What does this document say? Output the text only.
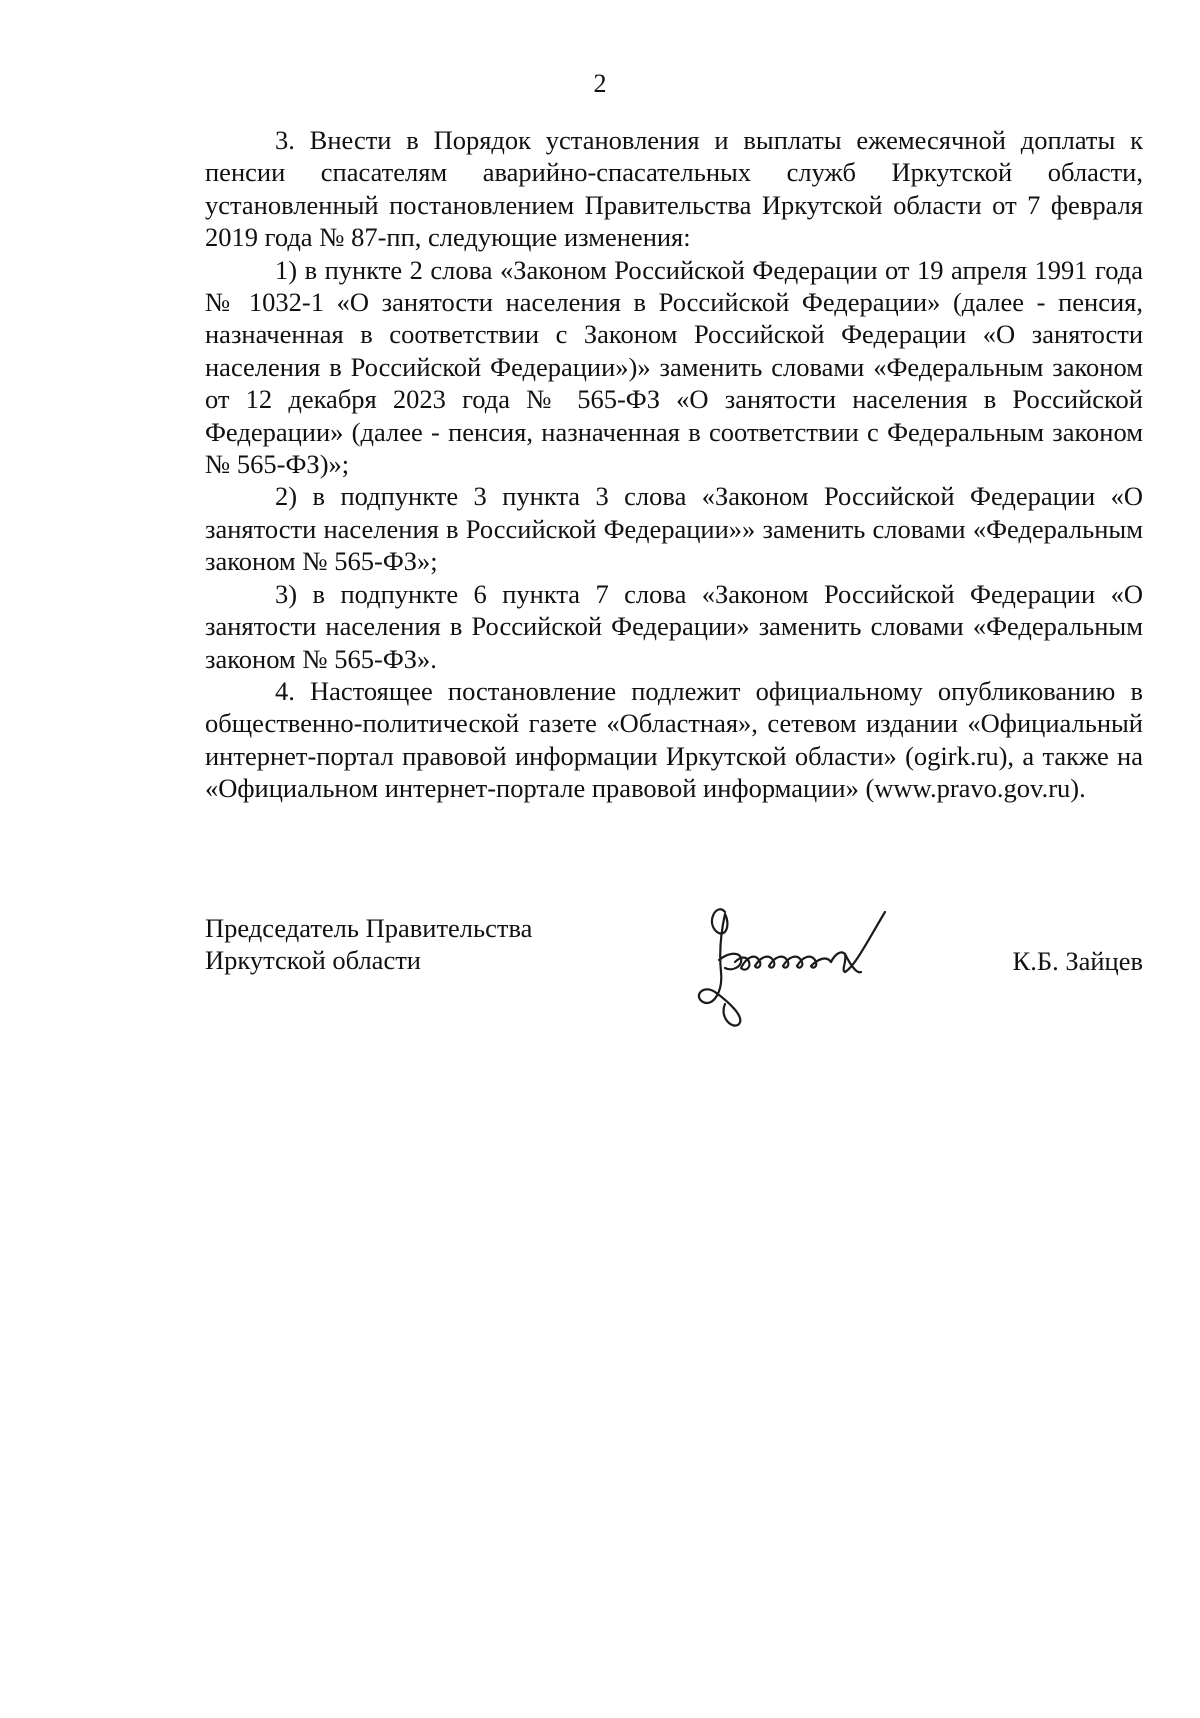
2

3. Внести в Порядок установления и выплаты ежемесячной доплаты к пенсии спасателям аварийно-спасательных служб Иркутской области, установленный постановлением Правительства Иркутской области от 7 февраля 2019 года № 87-пп, следующие изменения:

1) в пункте 2 слова «Законом Российской Федерации от 19 апреля 1991 года № 1032-1 «О занятости населения в Российской Федерации» (далее - пенсия, назначенная в соответствии с Законом Российской Федерации «О занятости населения в Российской Федерации»)» заменить словами «Федеральным законом от 12 декабря 2023 года № 565-ФЗ «О занятости населения в Российской Федерации» (далее - пенсия, назначенная в соответствии с Федеральным законом № 565-ФЗ)»;

2) в подпункте 3 пункта 3 слова «Законом Российской Федерации «О занятости населения в Российской Федерации»» заменить словами «Федеральным законом № 565-ФЗ»;

3) в подпункте 6 пункта 7 слова «Законом Российской Федерации «О занятости населения в Российской Федерации» заменить словами «Федеральным законом № 565-ФЗ».

4. Настоящее постановление подлежит официальному опубликованию в общественно-политической газете «Областная», сетевом издании «Официальный интернет-портал правовой информации Иркутской области» (ogirk.ru), а также на «Официальном интернет-портале правовой информации» (www.pravo.gov.ru).

Председатель Правительства
Иркутской области	К.Б. Зайцев
